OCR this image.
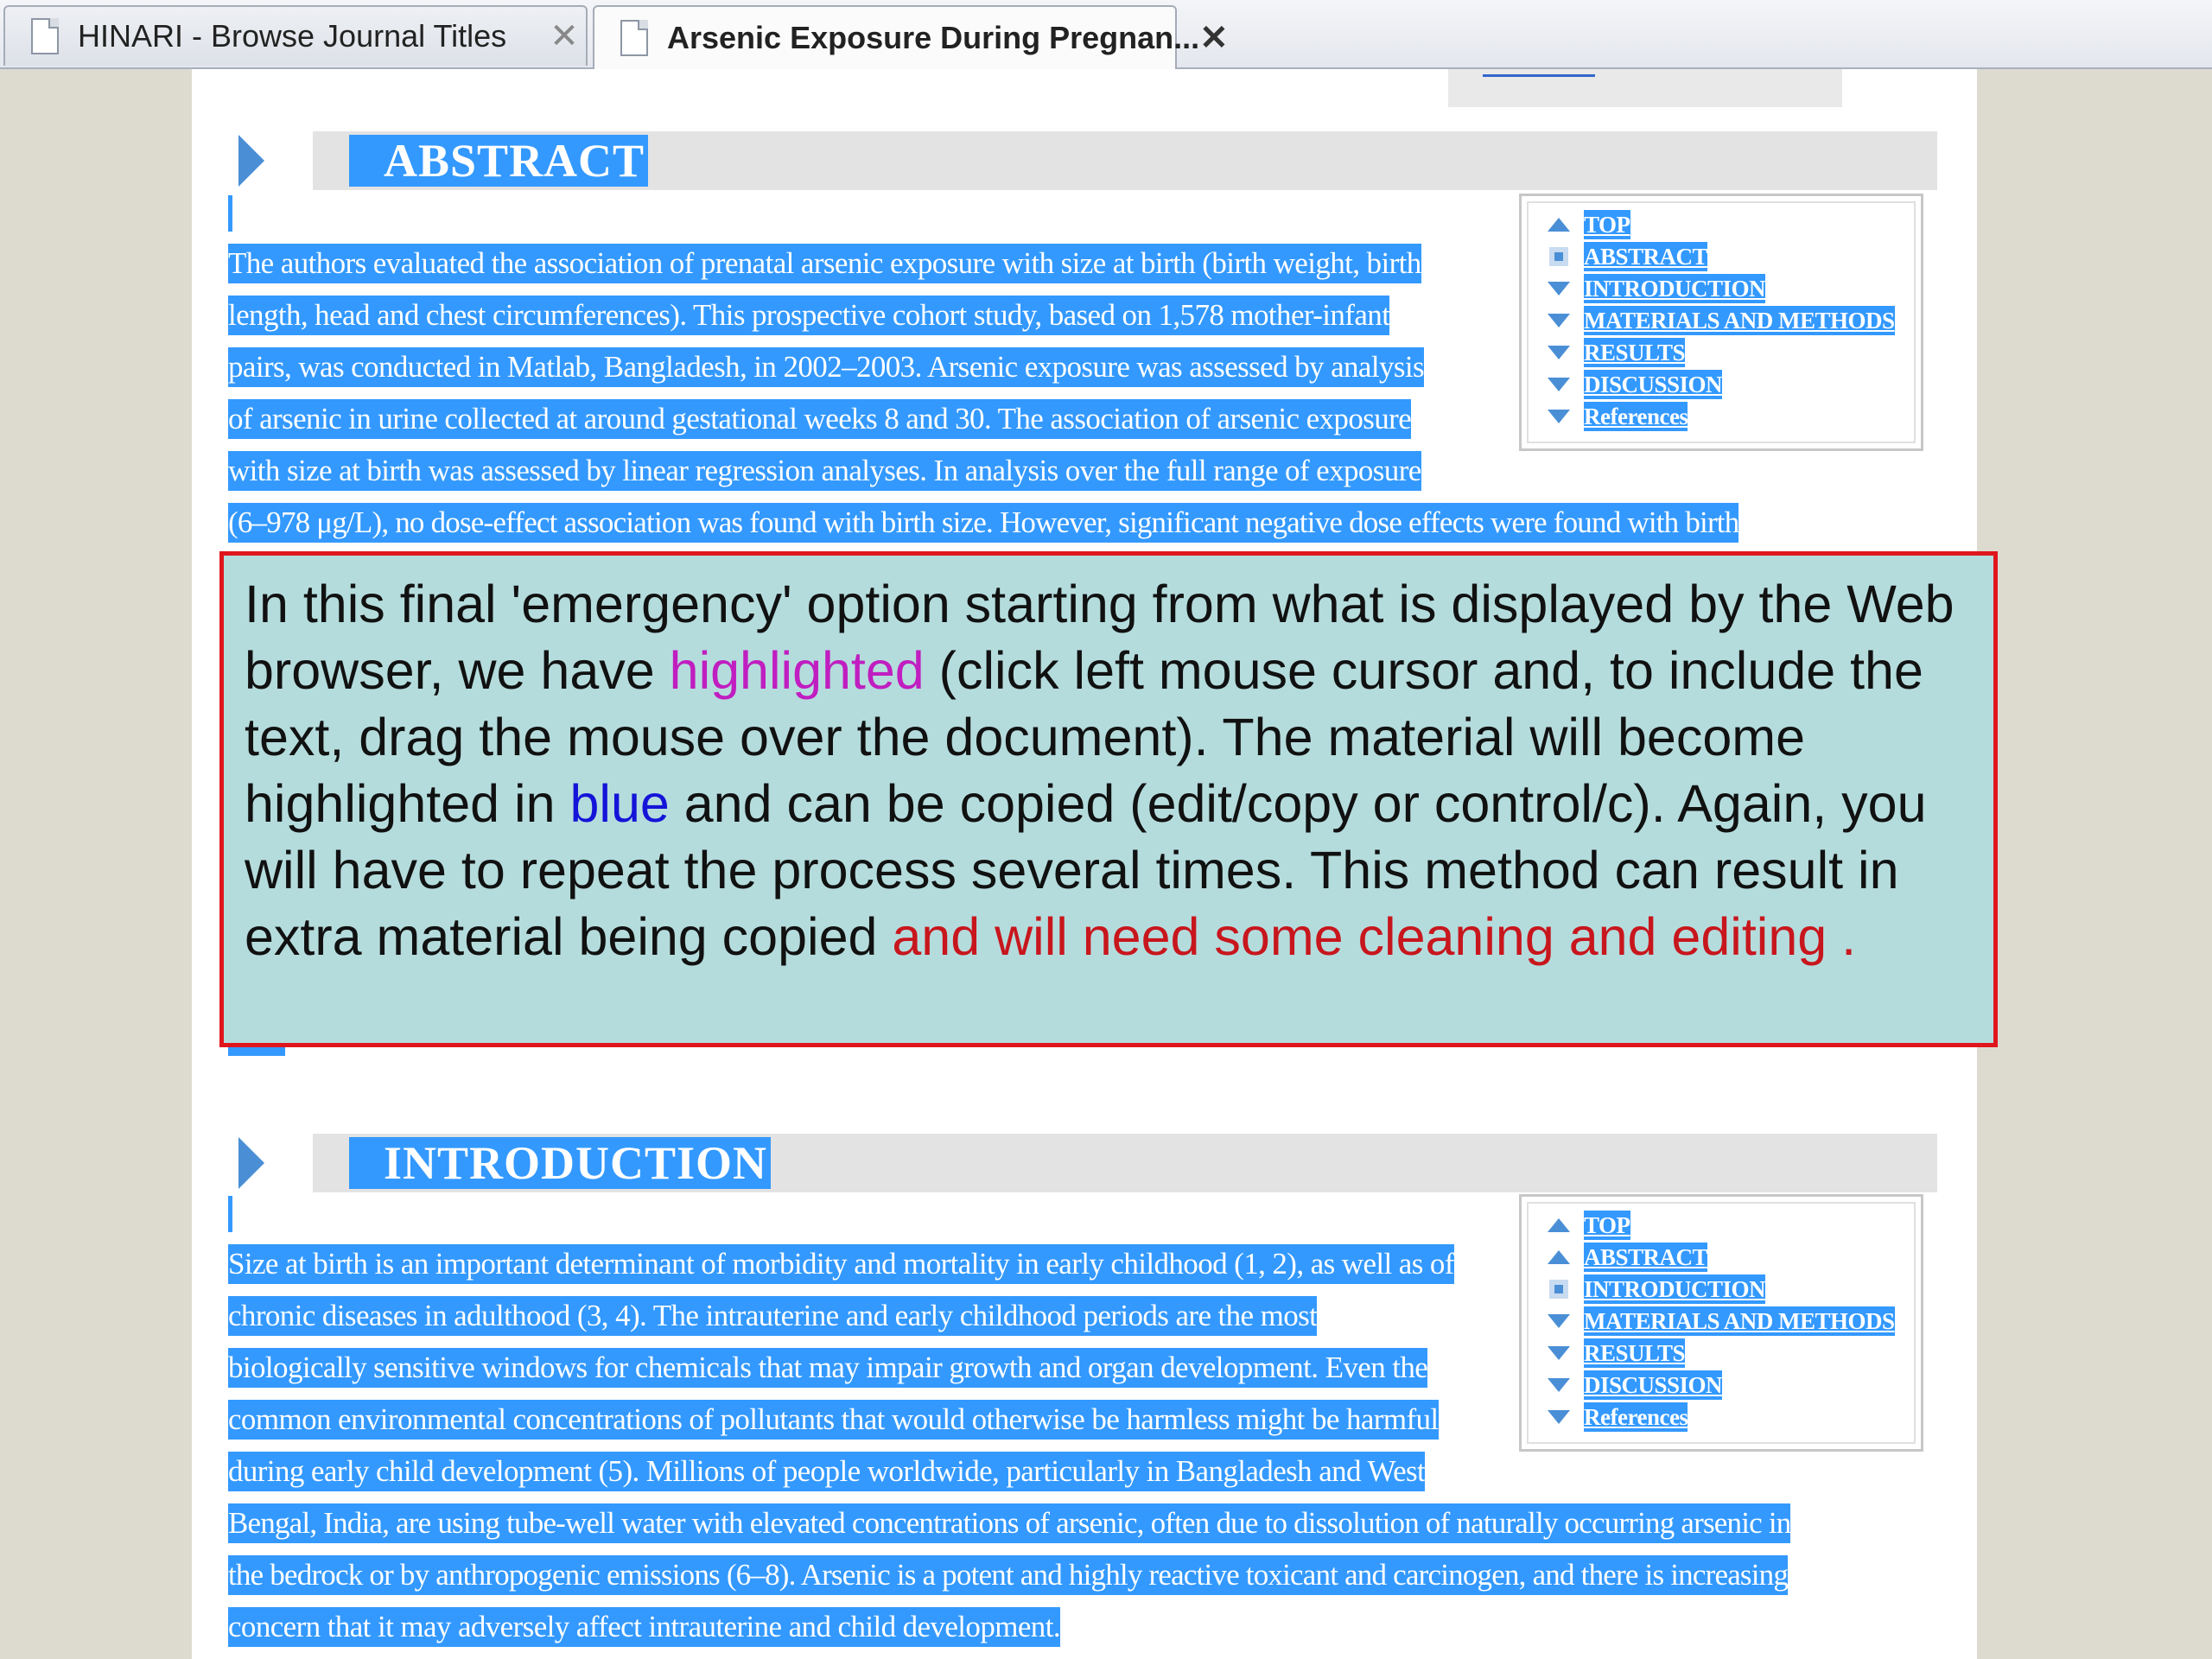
HINARI - Browse Journal Titles	✕	Arsenic Exposure During Pregnan... ✕
ABSTRACT
The authors evaluated the association of prenatal arsenic exposure with size at birth (birth weight, birth
length, head and chest circumferences). This prospective cohort study, based on 1,578 mother-infant
pairs, was conducted in Matlab, Bangladesh, in 2002–2003. Arsenic exposure was assessed by analysis
of arsenic in urine collected at around gestational weeks 8 and 30. The association of arsenic exposure
with size at birth was assessed by linear regression analyses. In analysis over the full range of exposure
(6–978 μg/L), no dose-effect association was found with birth size. However, significant negative dose effects were found with birth
TOP
ABSTRACT
INTRODUCTION
MATERIALS AND METHODS
RESULTS
DISCUSSION
References
INTRODUCTION
Size at birth is an important determinant of morbidity and mortality in early childhood (1, 2), as well as of
chronic diseases in adulthood (3, 4). The intrauterine and early childhood periods are the most
biologically sensitive windows for chemicals that may impair growth and organ development. Even the
common environmental concentrations of pollutants that would otherwise be harmless might be harmful
during early child development (5). Millions of people worldwide, particularly in Bangladesh and West
Bengal, India, are using tube-well water with elevated concentrations of arsenic, often due to dissolution of naturally occurring arsenic in
the bedrock or by anthropogenic emissions (6–8). Arsenic is a potent and highly reactive toxicant and carcinogen, and there is increasing
concern that it may adversely affect intrauterine and child development.
TOP
ABSTRACT
INTRODUCTION
MATERIALS AND METHODS
RESULTS
DISCUSSION
References
In this final 'emergency' option starting from what is displayed by the Web browser, we have highlighted (click left mouse cursor and, to include the text, drag the mouse over the document). The material will become highlighted in blue and can be copied (edit/copy or control/c). Again, you will have to repeat the process several times. This method can result in extra material being copied and will need some cleaning and editing .
